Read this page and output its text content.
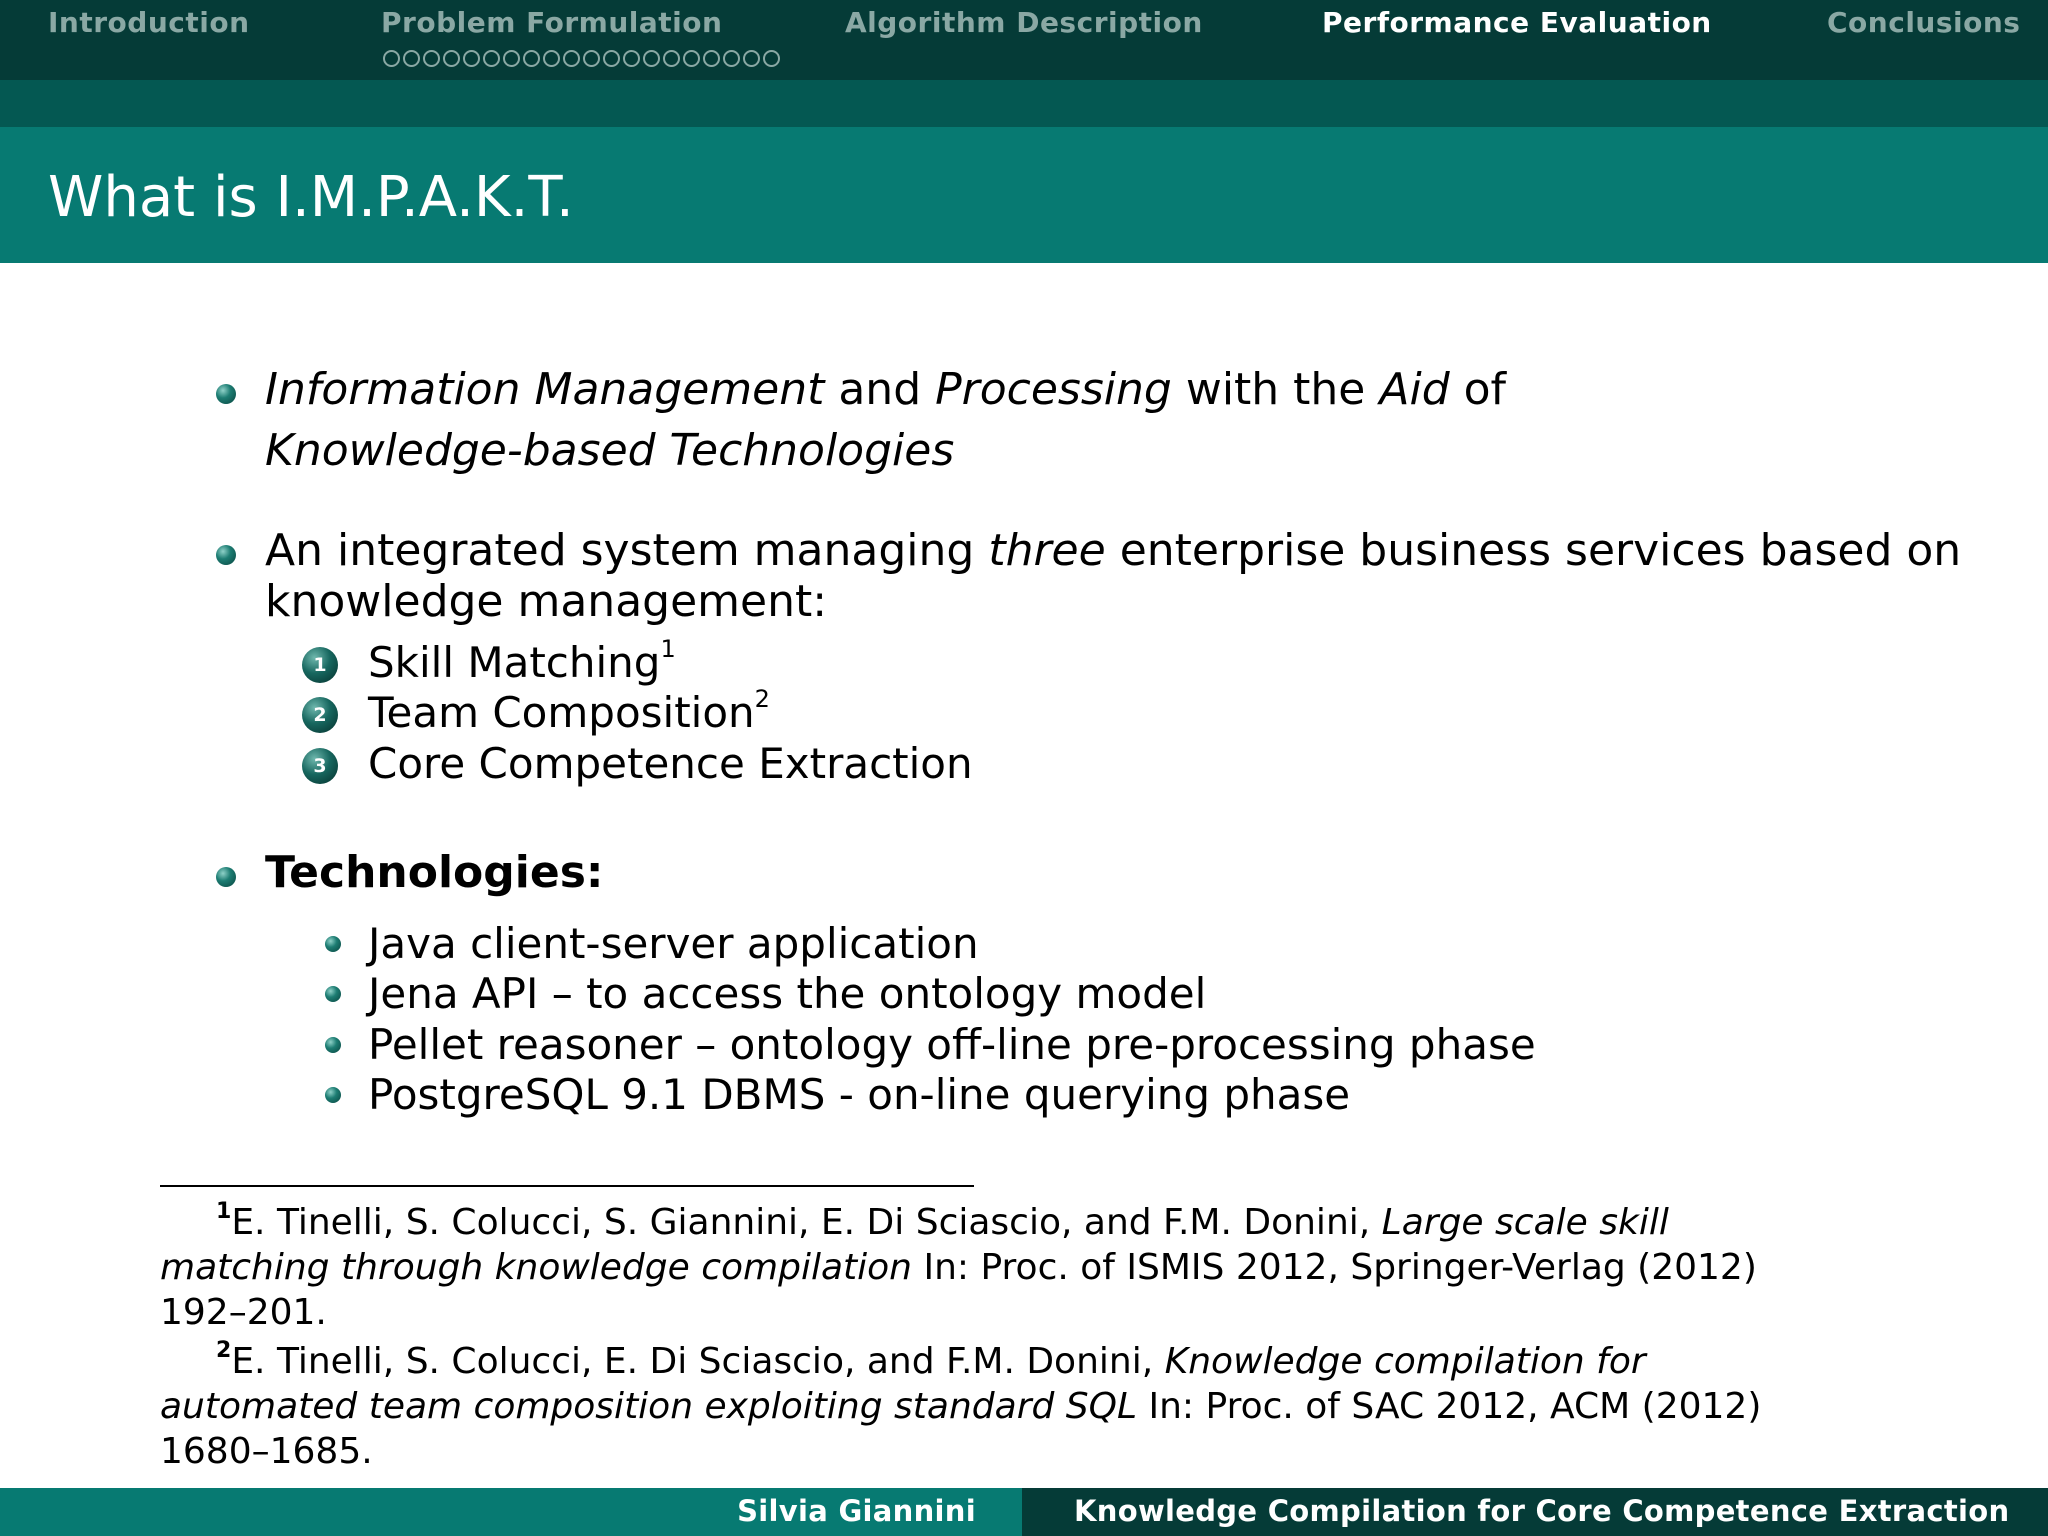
Introduction	Problem Formulation	Algorithm Description	Performance Evaluation	Conclusions
What is I.M.P.A.K.T.
Information Management and Processing with the Aid of
Knowledge-based Technologies
An integrated system managing three enterprise business services based on
knowledge management:
1 Skill Matching$^1$
2 Team Composition$^2$
3 Core Competence Extraction
Technologies:
Java client-server application
Jena API – to access the ontology model
Pellet reasoner – ontology off-line pre-processing phase
PostgreSQL 9.1 DBMS - on-line querying phase
$^1$E. Tinelli, S. Colucci, S. Giannini, E. Di Sciascio, and F.M. Donini, Large scale skill
matching through knowledge compilation In: Proc. of ISMIS 2012, Springer-Verlag (2012)
192–201.
$^2$E. Tinelli, S. Colucci, E. Di Sciascio, and F.M. Donini, Knowledge compilation for
automated team composition exploiting standard SQL In: Proc. of SAC 2012, ACM (2012)
1680–1685.
Silvia Giannini	Knowledge Compilation for Core Competence Extraction
